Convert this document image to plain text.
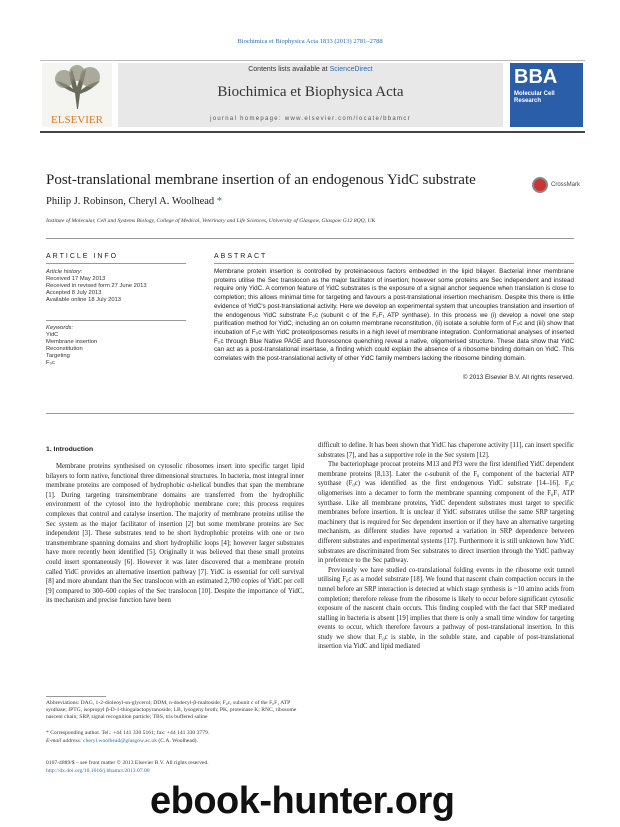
Biochimica et Biophysica Acta 1833 (2013) 2781–2788
ELSEVIER
Contents lists available at ScienceDirect
Biochimica et Biophysica Acta
journal homepage: www.elsevier.com/locate/bbamcr
BBA
Molecular Cell Research
Post-translational membrane insertion of an endogenous YidC substrate	CrossMark
Philip J. Robinson, Cheryl A. Woolhead *
Institute of Molecular, Cell and Systems Biology, College of Medical, Veterinary and Life Sciences, University of Glasgow, Glasgow G12 8QQ, UK
ARTICLE INFO
Article history:
Received 17 May 2013
Received in revised form 27 June 2013
Accepted 8 July 2013
Available online 18 July 2013
Keywords:
YidC
Membrane insertion
Reconstitution
Targeting
F₀c
ABSTRACT
Membrane protein insertion is controlled by proteinaceous factors embedded in the lipid bilayer. Bacterial inner membrane proteins utilise the Sec translocon as the major facilitator of insertion; however some proteins are Sec independent and instead require only YidC. A common feature of YidC substrates is the exposure of a signal anchor sequence when translation is close to completion; this allows minimal time for targeting and favours a post-translational insertion mechanism. Despite this there is little evidence of YidC's post-translational activity. Here we develop an experimental system that uncouples translation and insertion of the endogenous YidC substrate F₀c (subunit c of the F₀F₁ ATP synthase). In this process we (i) develop a novel one step purification method for YidC, including an on column membrane reconstitution, (ii) isolate a soluble form of F₀c and (iii) show that incubation of F₀c with YidC proteoliposomes results in a high level of membrane integration. Conformational analyses of inserted F₀c through Blue Native PAGE and fluorescence quenching reveal a native, oligomerised structure. These data show that YidC can act as a post-translational insertase, a finding which could explain the absence of a ribosome binding domain on YidC. This correlates with the post-translational activity of other YidC family members lacking the ribosome binding domain.
© 2013 Elsevier B.V. All rights reserved.
1. Introduction

Membrane proteins synthesised on cytosolic ribosomes insert into specific target lipid bilayers to form native, functional three dimensional structures. In bacteria, most integral inner membrane proteins are composed of hydrophobic α-helical bundles that span the membrane [1]. During targeting transmembrane domains are transferred from the hydrophilic environment of the cytosol into the hydrophobic membrane core; this process requires complexes that control and catalyse insertion. The majority of membrane proteins utilise the Sec system as the major facilitator of insertion [2] but some membrane proteins are Sec independent [3]. These substrates tend to be short hydrophobic proteins with one or two transmembrane spanning domains and short hydrophilic loops [4]; however larger substrates have more recently been identified [5]. Originally it was believed that these small proteins could insert spontaneously [6]. However it was later discovered that a membrane protein called YidC provides an alternative insertion pathway [7]. YidC is essential for cell survival [8] and more abundant than the Sec translocon with an estimated 2,700 copies of YidC per cell [9] compared to 300–600 copies of the Sec translocon [10]. Despite the importance of YidC, its mechanism and precise function have been

difficult to define. It has been shown that YidC has chaperone activity [11], can insert specific substrates [7], and has a supportive role in the Sec system [12].

The bacteriophage procoat proteins M13 and Pf3 were the first identified YidC dependent membrane proteins [8,13]. Later the c-subunit of the F₀ component of the bacterial ATP synthase (F₀c) was identified as the first endogenous YidC substrate [14–16]. F₀c oligomerises into a decamer to form the membrane spanning component of the F₀F₁ ATP synthase. Like all membrane proteins, YidC dependent substrates must target to specific membranes before insertion. It is unclear if YidC substrates utilise the same SRP targeting machinery that is required for Sec dependent insertion or if they have an alternative targeting mechanism, as different studies have reported a variation in SRP dependence between different substrates and experimental systems [17]. Furthermore it is still unknown how YidC substrates are discriminated from Sec substrates to direct insertion through the YidC pathway in preference to the Sec pathway.

Previously we have studied co-translational folding events in the ribosome exit tunnel utilising F₀c as a model substrate [18]. We found that nascent chain compaction occurs in the tunnel before an SRP interaction is detected at which stage synthesis is ~10 amino acids from completion; therefore release from the ribosome is likely to occur before significant cytosolic exposure of the nascent chain occurs. This finding coupled with the fact that SRP mediated stalling in bacteria is absent [19] implies that there is only a small time window for targeting events to occur, which therefore favours a pathway of post-translational insertion. In this study we show that F₀c is stable, in the soluble state, and capable of post-translational insertion via YidC and lipid mediated

Abbreviations: DAG, 1-2-dioleoyl-sn-glycerol; DDM, n-dodecyl-β-maltoside; F₀c, subunit c of the F₀F₁ ATP synthase; IPTG, isopropyl β-D-1-thiogalactopyranoside; LB, lysogeny broth; PK, proteinase K; RNC, ribosome nascent chain; SRP, signal recognition particle; TBS, tris buffered saline
* Corresponding author. Tel.: +44 141 330 5161; fax: +44 141 330 3779.
E-mail address: cheryl.woolhead@glasgow.ac.uk (C.A. Woolhead).
0167-4889/$ – see front matter © 2013 Elsevier B.V. All rights reserved.
http://dx.doi.org/10.1016/j.bbamcr.2013.07.00
ebook-hunter.org
